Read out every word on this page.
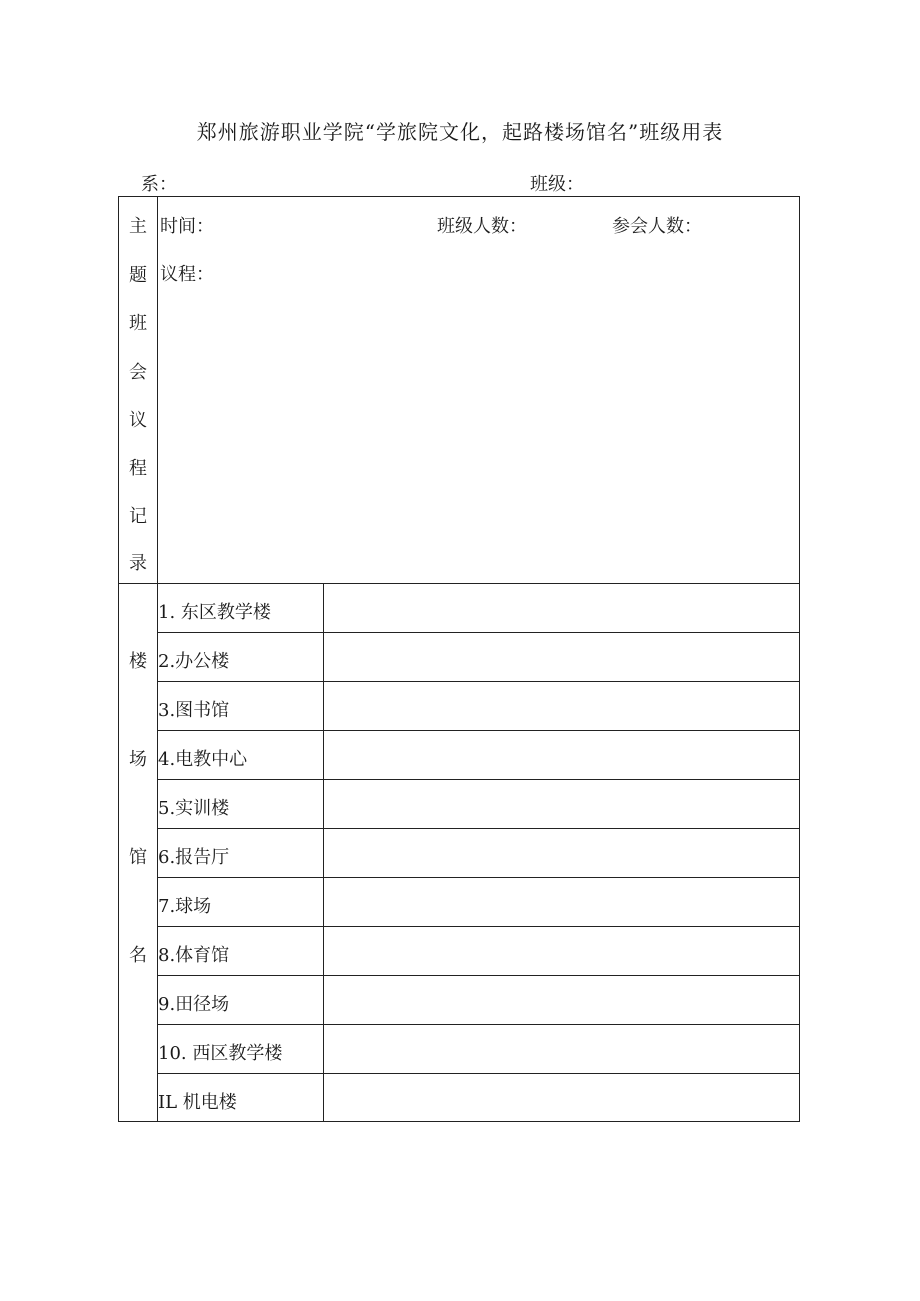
郑州旅游职业学院“学旅院文化，起路楼场馆名”班级用表
系：	班级：
主
题
班
会
议
程
记
录
时间：	班级人数：	参会人数：
议程：
楼
场
馆
名
1. 东区教学楼
2.办公楼
3.图书馆
4.电教中心
5.实训楼
6.报告厅
7.球场
8.体育馆
9.田径场
10. 西区教学楼
IL 机电楼
